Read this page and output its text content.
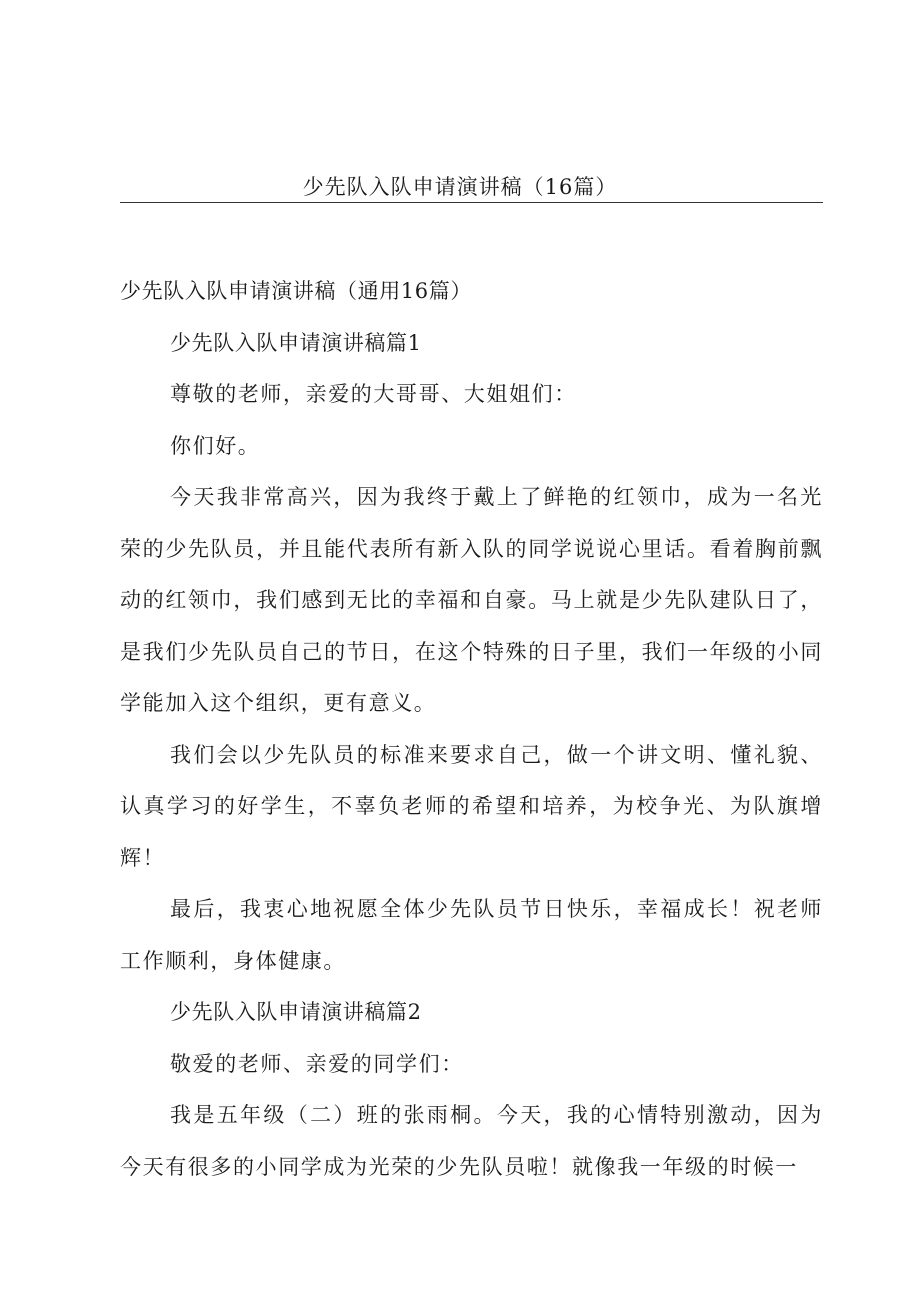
少先队入队申请演讲稿（16篇）

少先队入队申请演讲稿（通用16篇）

少先队入队申请演讲稿篇1

尊敬的老师，亲爱的大哥哥、大姐姐们：

你们好。

今天我非常高兴，因为我终于戴上了鲜艳的红领巾，成为一名光荣的少先队员，并且能代表所有新入队的同学说说心里话。看着胸前飘动的红领巾，我们感到无比的幸福和自豪。马上就是少先队建队日了，是我们少先队员自己的节日，在这个特殊的日子里，我们一年级的小同学能加入这个组织，更有意义。

我们会以少先队员的标准来要求自己，做一个讲文明、懂礼貌、认真学习的好学生，不辜负老师的希望和培养，为校争光、为队旗增辉！

最后，我衷心地祝愿全体少先队员节日快乐，幸福成长！祝老师工作顺利，身体健康。

少先队入队申请演讲稿篇2

敬爱的老师、亲爱的同学们：

我是五年级（二）班的张雨桐。今天，我的心情特别激动，因为今天有很多的小同学成为光荣的少先队员啦！就像我一年级的时候一
